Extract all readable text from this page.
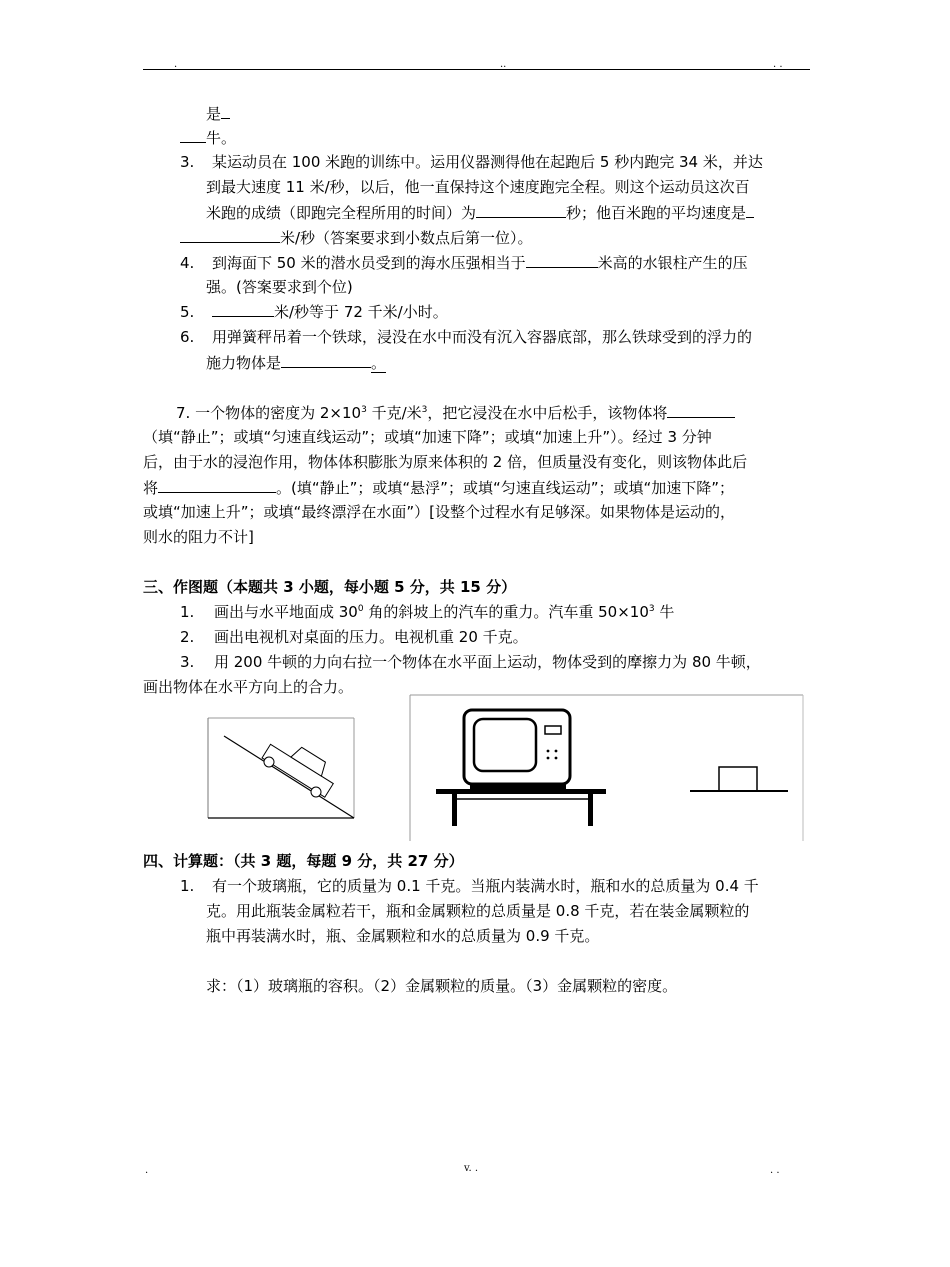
.	..	. .
是
牛。
3. 某运动员在 100 米跑的训练中。运用仪器测得他在起跑后 5 秒内跑完 34 米，并达
到最大速度 11 米/秒，以后，他一直保持这个速度跑完全程。则这个运动员这次百
米跑的成绩（即跑完全程所用的时间）为	秒；他百米跑的平均速度是
米/秒（答案要求到小数点后第一位）。
4. 到海面下 50 米的潜水员受到的海水压强相当于	米高的水银柱产生的压
强。(答案要求到个位)
5.	米/秒等于 72 千米/小时。
6. 用弹簧秤吊着一个铁球，浸没在水中而没有沉入容器底部，那么铁球受到的浮力的
施力物体是	。
7. 一个物体的密度为 $2\times 10^3$ 千克/米$^3$，把它浸没在水中后松手，该物体将
（填“静止”；或填“匀速直线运动”；或填“加速下降”；或填“加速上升”）。经过 3 分钟
后，由于水的浸泡作用，物体体积膨胀为原来体积的 2 倍，但质量没有变化，则该物体此后
将	。(填“静止”；或填“悬浮”；或填“匀速直线运动”；或填“加速下降”；
或填“加速上升”；或填“最终漂浮在水面”）[设整个过程水有足够深。如果物体是运动的，
则水的阻力不计]
三、作图题（本题共 3 小题，每小题 5 分，共 15 分）
1. 画出与水平地面成 $30^0$ 角的斜坡上的汽车的重力。汽车重 $50\times 10^3$ 牛
2. 画出电视机对桌面的压力。电视机重 20 千克。
3. 用 200 牛顿的力向右拉一个物体在水平面上运动，物体受到的摩擦力为 80 牛顿，
画出物体在水平方向上的合力。
四、计算题：（共 3 题，每题 9 分，共 27 分）
1. 有一个玻璃瓶，它的质量为 0.1 千克。当瓶内装满水时，瓶和水的总质量为 0.4 千
克。用此瓶装金属粒若干，瓶和金属颗粒的总质量是 0.8 千克，若在装金属颗粒的
瓶中再装满水时，瓶、金属颗粒和水的总质量为 0.9 千克。
求：（1）玻璃瓶的容积。（2）金属颗粒的质量。（3）金属颗粒的密度。
.	v. .	. .
